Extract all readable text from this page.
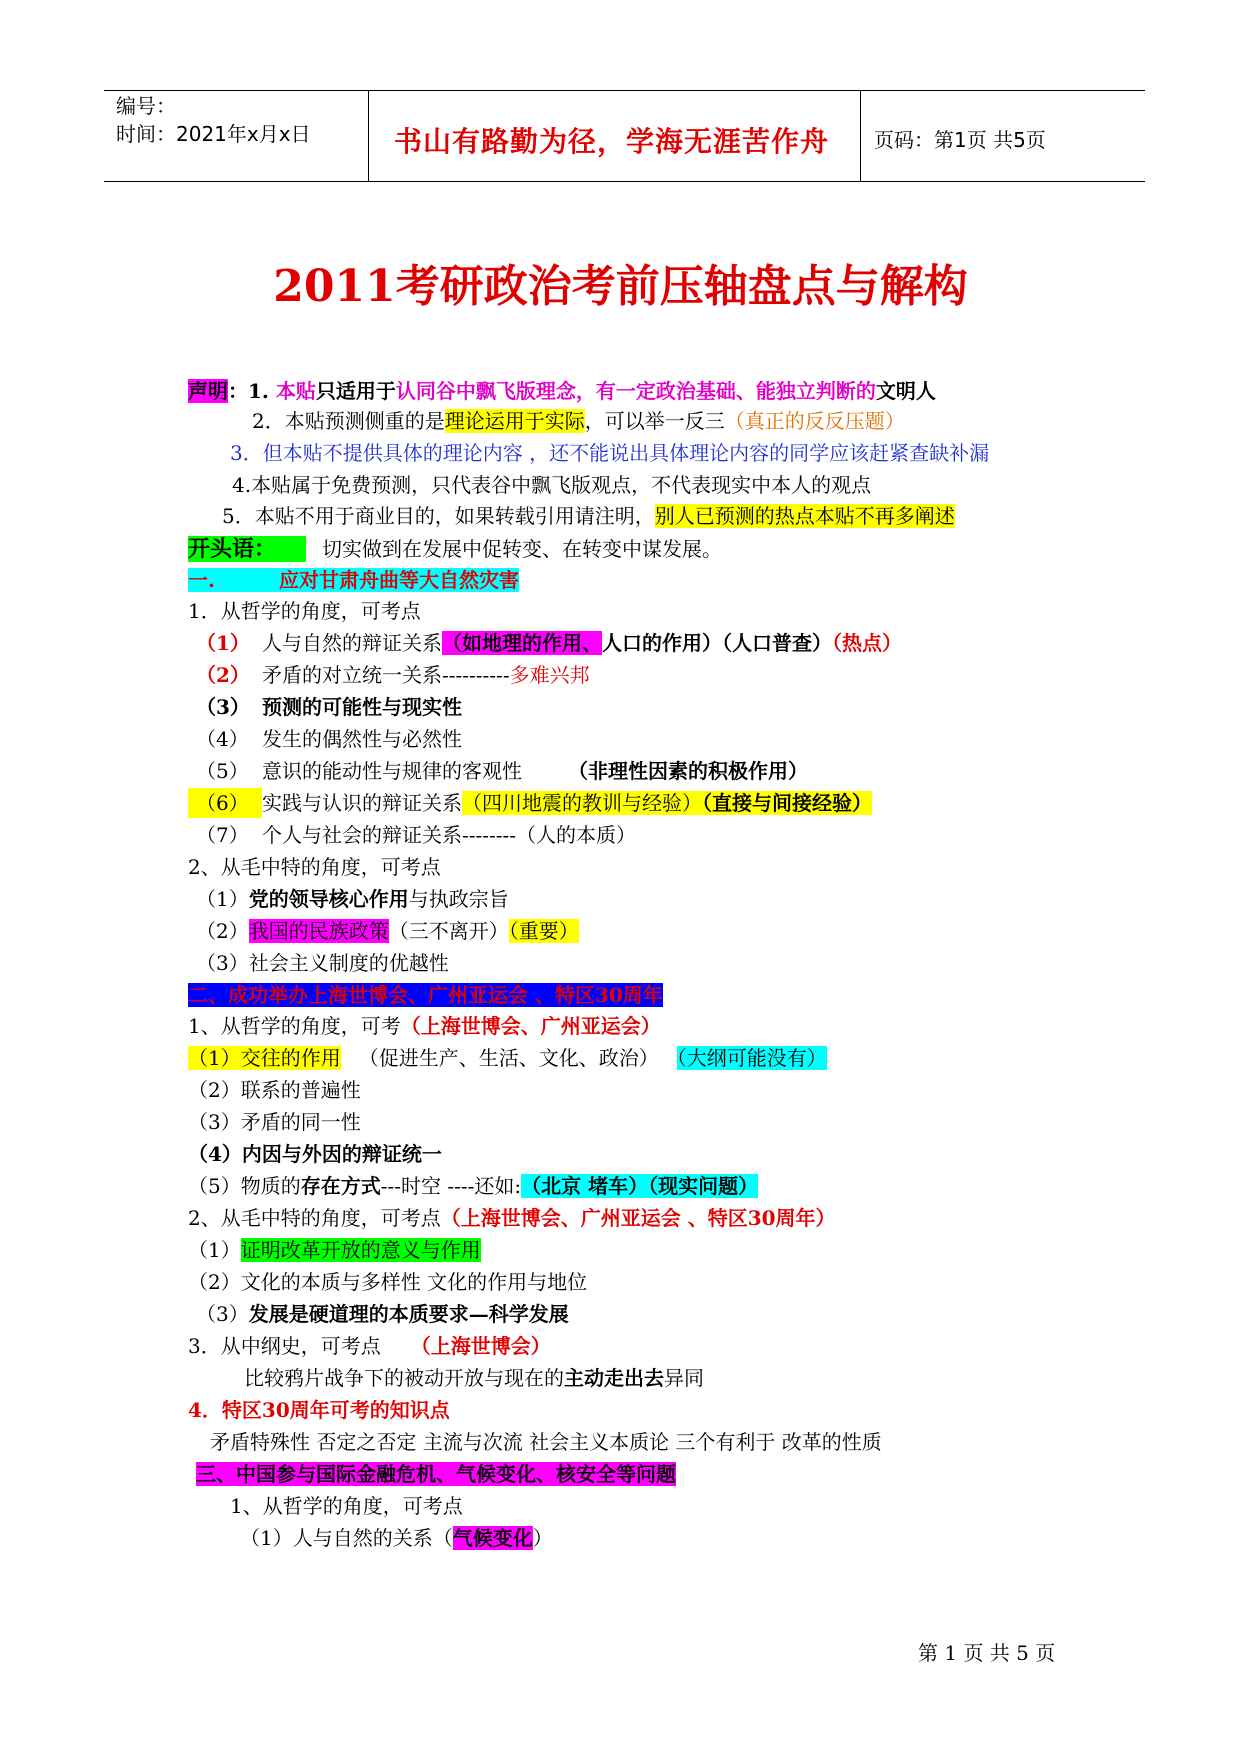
编号：
时间：2021年x月x日	书山有路勤为径，学海无涯苦作舟 页码：第1页 共5页
2011考研政治考前压轴盘点与解构
声明：1. 本贴只适用于认同谷中飘飞版理念，有一定政治基础、能独立判断的文明人
2．本贴预测侧重的是理论运用于实际，可以举一反三（真正的反反压题）
3．但本贴不提供具体的理论内容 ，还不能说出具体理论内容的同学应该赶紧查缺补漏
4.本贴属于免费预测，只代表谷中飘飞版观点，不代表现实中本人的观点
5．本贴不用于商业目的，如果转载引用请注明，别人已预测的热点本贴不再多阐述
开头语： 切实做到在发展中促转变、在转变中谋发展。
一.	应对甘肃舟曲等大自然灾害
1．从哲学的角度，可考点
（1） 人与自然的辩证关系（如地理的作用、人口的作用）（人口普查）（热点）
（2） 矛盾的对立统一关系----------多难兴邦
（3） 预测的可能性与现实性
（4） 发生的偶然性与必然性
（5） 意识的能动性与规律的客观性 （非理性因素的积极作用）
（6） 实践与认识的辩证关系（四川地震的教训与经验）（直接与间接经验）
（7） 个人与社会的辩证关系--------（人的本质）
2、从毛中特的角度，可考点
（1）党的领导核心作用与执政宗旨
（2）我国的民族政策（三不离开）（重要）
（3）社会主义制度的优越性
二、成功举办上海世博会、广州亚运会 、特区30周年
1、从哲学的角度，可考（上海世博会、广州亚运会）
（1）交往的作用 （促进生产、生活、文化、政治） （大纲可能没有）
（2）联系的普遍性
（3）矛盾的同一性
（4）内因与外因的辩证统一
（5）物质的存在方式---时空 ----还如:（北京 堵车）（现实问题）
2、从毛中特的角度，可考点（上海世博会、广州亚运会 、特区30周年）
（1）证明改革开放的意义与作用
（2）文化的本质与多样性 文化的作用与地位
（3）发展是硬道理的本质要求—科学发展
3．从中纲史，可考点 （上海世博会）
比较鸦片战争下的被动开放与现在的主动走出去异同
4．特区30周年可考的知识点
矛盾特殊性 否定之否定 主流与次流 社会主义本质论 三个有利于 改革的性质
三、中国参与国际金融危机、气候变化、核安全等问题
1、从哲学的角度，可考点
（1）人与自然的关系（气候变化）
第 1 页 共 5 页
